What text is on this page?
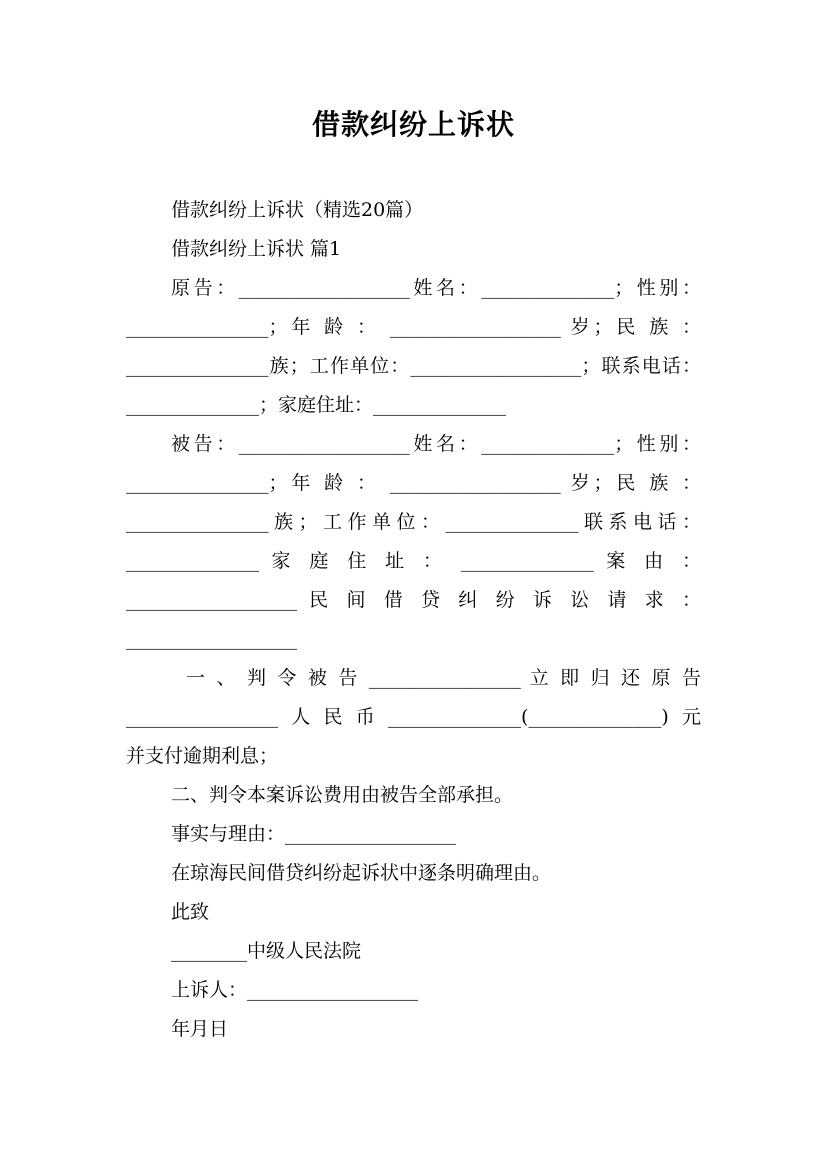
借款纠纷上诉状
借款纠纷上诉状（精选20篇）
借款纠纷上诉状 篇1
原告：__________________姓名：______________；性别：
_______________；年 龄 ： __________________ 岁；民 族 ：
_______________族；工作单位：__________________；联系电话：
______________；家庭住址：______________
被告：__________________姓名：______________；性别：
_______________；年 龄 ： __________________ 岁；民 族 ：
_______________族；工作单位：______________联系电话：
______________ 家 庭 住 址 ： ______________ 案 由 ：
__________________ 民 间 借 贷 纠 纷 诉 讼 请 求 ：
__________________
一 、 判 令 被 告 ________________ 立 即 归 还 原 告
________________人民币______________(______________)元
并支付逾期利息；
二、判令本案诉讼费用由被告全部承担。
事实与理由：__________________
在琼海民间借贷纠纷起诉状中逐条明确理由。
此致
________中级人民法院
上诉人：__________________
年月日
